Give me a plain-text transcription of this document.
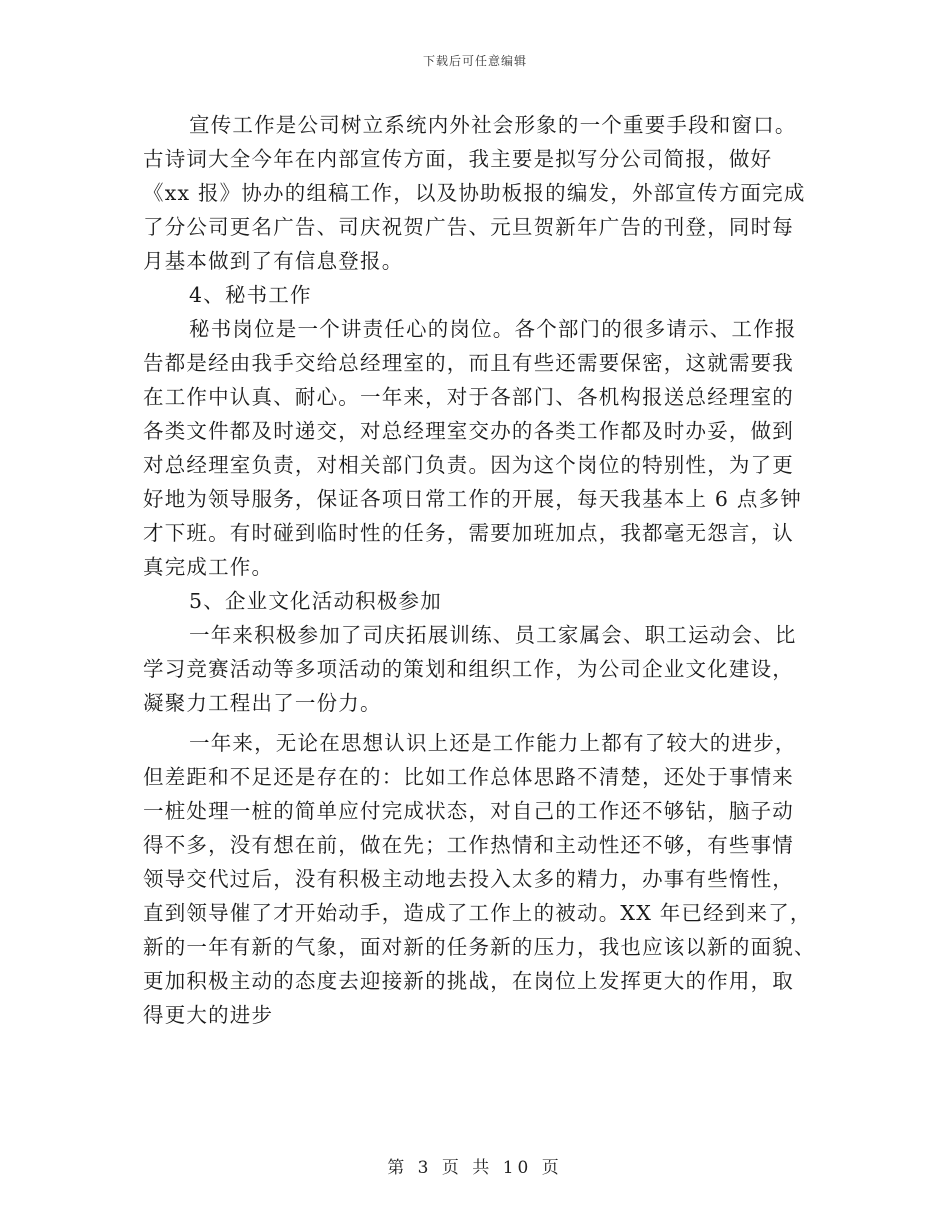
下载后可任意编辑
宣传工作是公司树立系统内外社会形象的一个重要手段和窗口。
古诗词大全今年在内部宣传方面，我主要是拟写分公司简报，做好
《xx 报》协办的组稿工作，以及协助板报的编发，外部宣传方面完成
了分公司更名广告、司庆祝贺广告、元旦贺新年广告的刊登，同时每
月基本做到了有信息登报。
4、秘书工作
秘书岗位是一个讲责任心的岗位。各个部门的很多请示、工作报
告都是经由我手交给总经理室的，而且有些还需要保密，这就需要我
在工作中认真、耐心。一年来，对于各部门、各机构报送总经理室的
各类文件都及时递交，对总经理室交办的各类工作都及时办妥，做到
对总经理室负责，对相关部门负责。因为这个岗位的特别性，为了更
好地为领导服务，保证各项日常工作的开展，每天我基本上 6 点多钟
才下班。有时碰到临时性的任务，需要加班加点，我都毫无怨言，认
真完成工作。
5、企业文化活动积极参加
一年来积极参加了司庆拓展训练、员工家属会、职工运动会、比
学习竞赛活动等多项活动的策划和组织工作，为公司企业文化建设，
凝聚力工程出了一份力。
一年来，无论在思想认识上还是工作能力上都有了较大的进步，
但差距和不足还是存在的：比如工作总体思路不清楚，还处于事情来
一桩处理一桩的简单应付完成状态，对自己的工作还不够钻，脑子动
得不多，没有想在前，做在先；工作热情和主动性还不够，有些事情
领导交代过后，没有积极主动地去投入太多的精力，办事有些惰性，
直到领导催了才开始动手，造成了工作上的被动。XX 年已经到来了，
新的一年有新的气象，面对新的任务新的压力，我也应该以新的面貌、
更加积极主动的态度去迎接新的挑战，在岗位上发挥更大的作用，取
得更大的进步
第 3 页 共 10 页
